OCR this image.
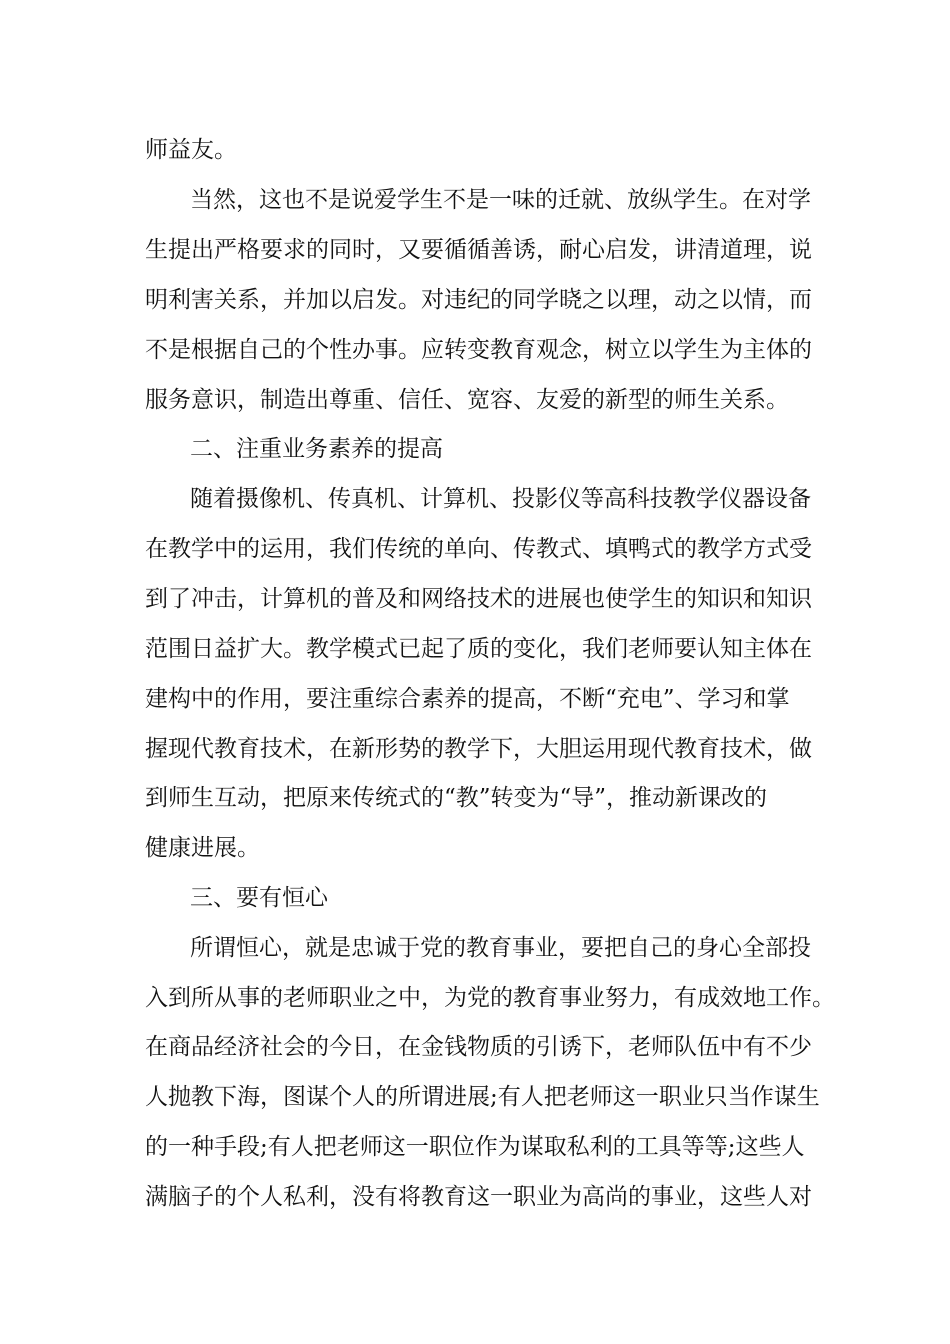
师益友。
当然，这也不是说爱学生不是一味的迁就、放纵学生。在对学
生提出严格要求的同时，又要循循善诱，耐心启发，讲清道理，说
明利害关系，并加以启发。对违纪的同学晓之以理，动之以情，而
不是根据自己的个性办事。应转变教育观念，树立以学生为主体的
服务意识，制造出尊重、信任、宽容、友爱的新型的师生关系。
二、注重业务素养的提高
随着摄像机、传真机、计算机、投影仪等高科技教学仪器设备
在教学中的运用，我们传统的单向、传教式、填鸭式的教学方式受
到了冲击，计算机的普及和网络技术的进展也使学生的知识和知识
范围日益扩大。教学模式已起了质的变化，我们老师要认知主体在
建构中的作用，要注重综合素养的提高，不断“充电”、学习和掌
握现代教育技术，在新形势的教学下，大胆运用现代教育技术，做
到师生互动，把原来传统式的“教”转变为“导”，推动新课改的
健康进展。
三、要有恒心
所谓恒心，就是忠诚于党的教育事业，要把自己的身心全部投
入到所从事的老师职业之中，为党的教育事业努力，有成效地工作。
在商品经济社会的今日，在金钱物质的引诱下，老师队伍中有不少
人抛教下海，图谋个人的所谓进展;有人把老师这一职业只当作谋生
的一种手段;有人把老师这一职位作为谋取私利的工具等等;这些人
满脑子的个人私利，没有将教育这一职业为高尚的事业，这些人对
